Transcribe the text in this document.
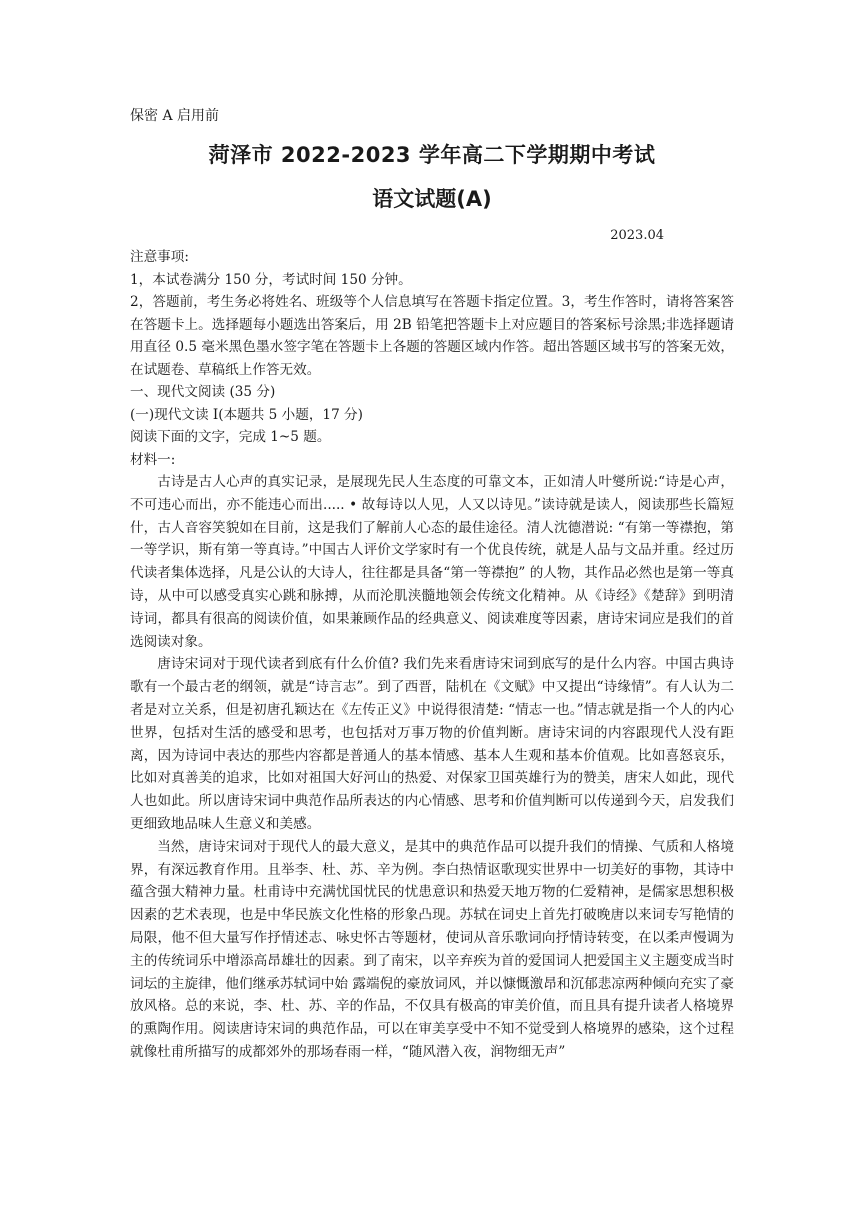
保密 A 启用前
菏泽市 2022-2023 学年高二下学期期中考试
语文试题(A)
2023.04
注意事项:
1，本试卷满分 150 分，考试时间 150 分钟。

2，答题前，考生务必将姓名、班级等个人信息填写在答题卡指定位置。3，考生作答时，请将答案答在答题卡上。选择题每小题选出答案后，用 2B 铅笔把答题卡上对应题目的答案标号涂黑;非选择题请用直径 0.5 毫米黑色墨水签字笔在答题卡上各题的答题区域内作答。超出答题区域书写的答案无效，在试题卷、草稿纸上作答无效。

一、现代文阅读 (35 分)
(一)现代文读 I(本题共 5 小题，17 分)
阅读下面的文字，完成 1~5 题。
材料一:

古诗是古人心声的真实记录，是展现先民人生态度的可靠文本，正如清人叶燮所说:“诗是心声，不可违心而出，亦不能违心而出..... • 故每诗以人见，人又以诗见。”读诗就是读人，阅读那些长篇短什，古人音容笑貌如在目前，这是我们了解前人心态的最佳途径。清人沈德潜说: “有第一等襟抱，第一等学识，斯有第一等真诗。”中国古人评价文学家时有一个优良传统，就是人品与文品并重。经过历代读者集体选择，凡是公认的大诗人，往往都是具备“第一等襟抱” 的人物，其作品必然也是第一等真诗，从中可以感受真实心跳和脉搏，从而沦肌浃髓地领会传统文化精神。从《诗经》《楚辞》到明清诗词，都具有很高的阅读价值，如果兼顾作品的经典意义、阅读难度等因素，唐诗宋词应是我们的首选阅读对象。

唐诗宋词对于现代读者到底有什么价值? 我们先来看唐诗宋词到底写的是什么内容。中国古典诗歌有一个最古老的纲领，就是“诗言志”。到了西晋，陆机在《文赋》中又提出“诗缘情”。有人认为二者是对立关系，但是初唐孔颖达在《左传正义》中说得很清楚: “情志一也。”情志就是指一个人的内心世界，包括对生活的感受和思考，也包括对万事万物的价值判断。唐诗宋词的内容跟现代人没有距离，因为诗词中表达的那些内容都是普通人的基本情感、基本人生观和基本价值观。比如喜怒哀乐，比如对真善美的追求，比如对祖国大好河山的热爱、对保家卫国英雄行为的赞美，唐宋人如此，现代人也如此。所以唐诗宋词中典范作品所表达的内心情感、思考和价值判断可以传递到今天，启发我们更细致地品味人生意义和美感。

当然，唐诗宋词对于现代人的最大意义，是其中的典范作品可以提升我们的情操、气质和人格境界，有深远教育作用。且举李、杜、苏、辛为例。李白热情讴歌现实世界中一切美好的事物，其诗中蕴含强大精神力量。杜甫诗中充满忧国忧民的忧患意识和热爱天地万物的仁爱精神，是儒家思想积极因素的艺术表现，也是中华民族文化性格的形象凸现。苏轼在词史上首先打破晚唐以来词专写艳情的局限，他不但大量写作抒情述志、咏史怀古等题材，使词从音乐歌词向抒情诗转变，在以柔声慢调为主的传统词乐中增添高昂雄壮的因素。到了南宋，以辛弃疾为首的爱国词人把爱国主义主题变成当时词坛的主旋律，他们继承苏轼词中始 露端倪的豪放词风，并以慷慨激昂和沉郁悲凉两种倾向充实了豪放风格。总的来说，李、杜、苏、辛的作品，不仅具有极高的审美价值，而且具有提升读者人格境界的熏陶作用。阅读唐诗宋词的典范作品，可以在审美享受中不知不觉受到人格境界的感染，这个过程就像杜甫所描写的成都郊外的那场春雨一样，“随风潜入夜，润物细无声”
